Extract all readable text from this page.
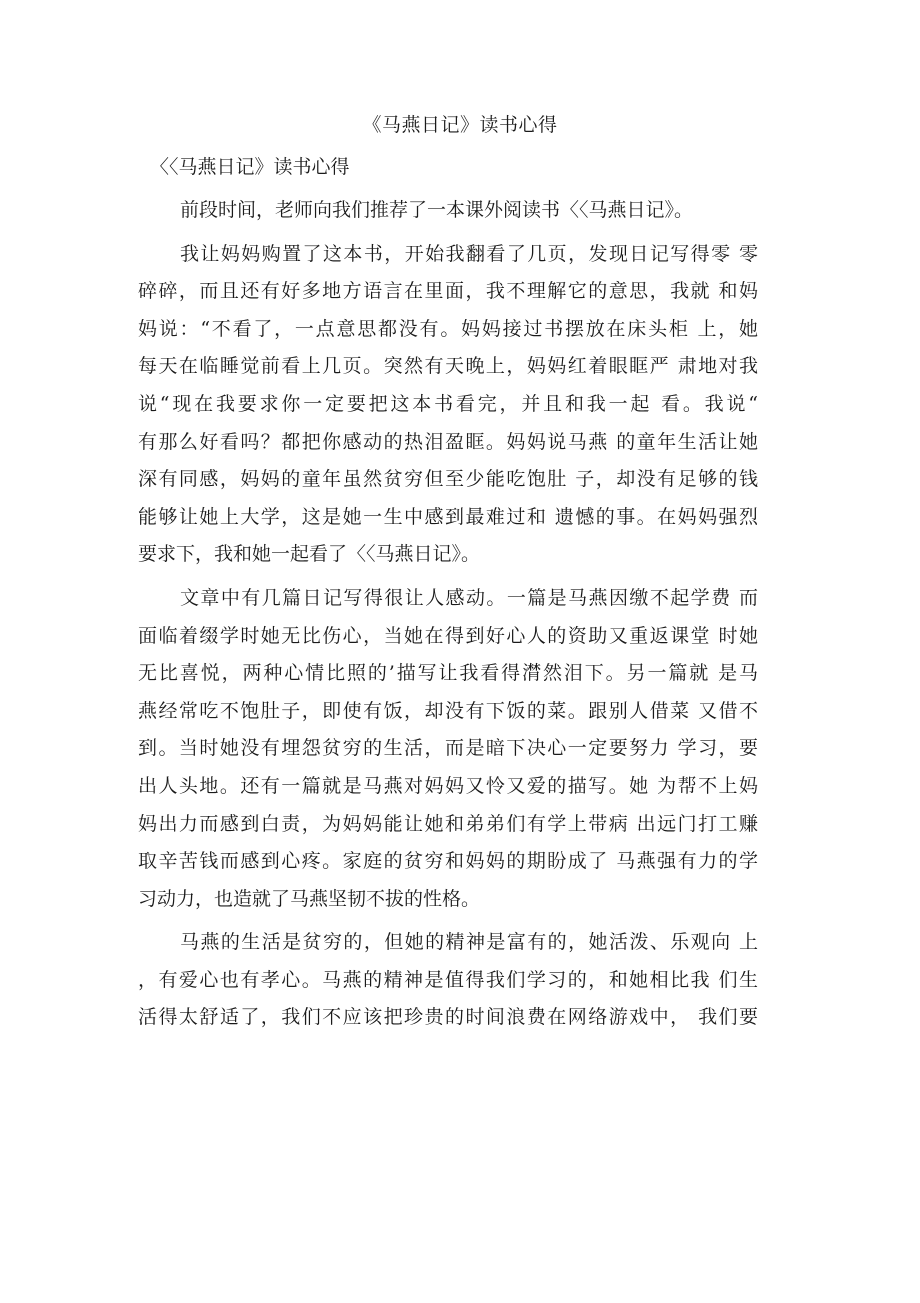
《马燕日记》读书心得
〈〈马燕日记》读书心得
前段时间，老师向我们推荐了一本课外阅读书〈〈马燕日记》。
我让妈妈购置了这本书，开始我翻看了几页，发现日记写得零 零
碎碎，而且还有好多地方语言在里面，我不理解它的意思，我就 和妈
妈说：“不看了，一点意思都没有。妈妈接过书摆放在床头柜 上，她
每天在临睡觉前看上几页。突然有天晚上，妈妈红着眼眶严 肃地对我
说“现在我要求你一定要把这本书看完，并且和我一起 看。我说“
有那么好看吗？都把你感动的热泪盈眶。妈妈说马燕 的童年生活让她
深有同感，妈妈的童年虽然贫穷但至少能吃饱肚 子，却没有足够的钱
能够让她上大学，这是她一生中感到最难过和 遗憾的事。在妈妈强烈
要求下，我和她一起看了〈〈马燕日记》。
文章中有几篇日记写得很让人感动。一篇是马燕因缴不起学费 而
面临着缀学时她无比伤心，当她在得到好心人的资助又重返课堂 时她
无比喜悦，两种心情比照的’描写让我看得潸然泪下。另一篇就 是马
燕经常吃不饱肚子，即使有饭，却没有下饭的菜。跟别人借菜 又借不
到。当时她没有埋怨贫穷的生活，而是暗下决心一定要努力 学习，要
出人头地。还有一篇就是马燕对妈妈又怜又爱的描写。她 为帮不上妈
妈出力而感到白责，为妈妈能让她和弟弟们有学上带病 出远门打工赚
取辛苦钱而感到心疼。家庭的贫穷和妈妈的期盼成了 马燕强有力的学
习动力，也造就了马燕坚韧不拔的性格。
马燕的生活是贫穷的，但她的精神是富有的，她活泼、乐观向 上
，有爱心也有孝心。马燕的精神是值得我们学习的，和她相比我 们生
活得太舒适了，我们不应该把珍贵的时间浪费在网络游戏中， 我们要
